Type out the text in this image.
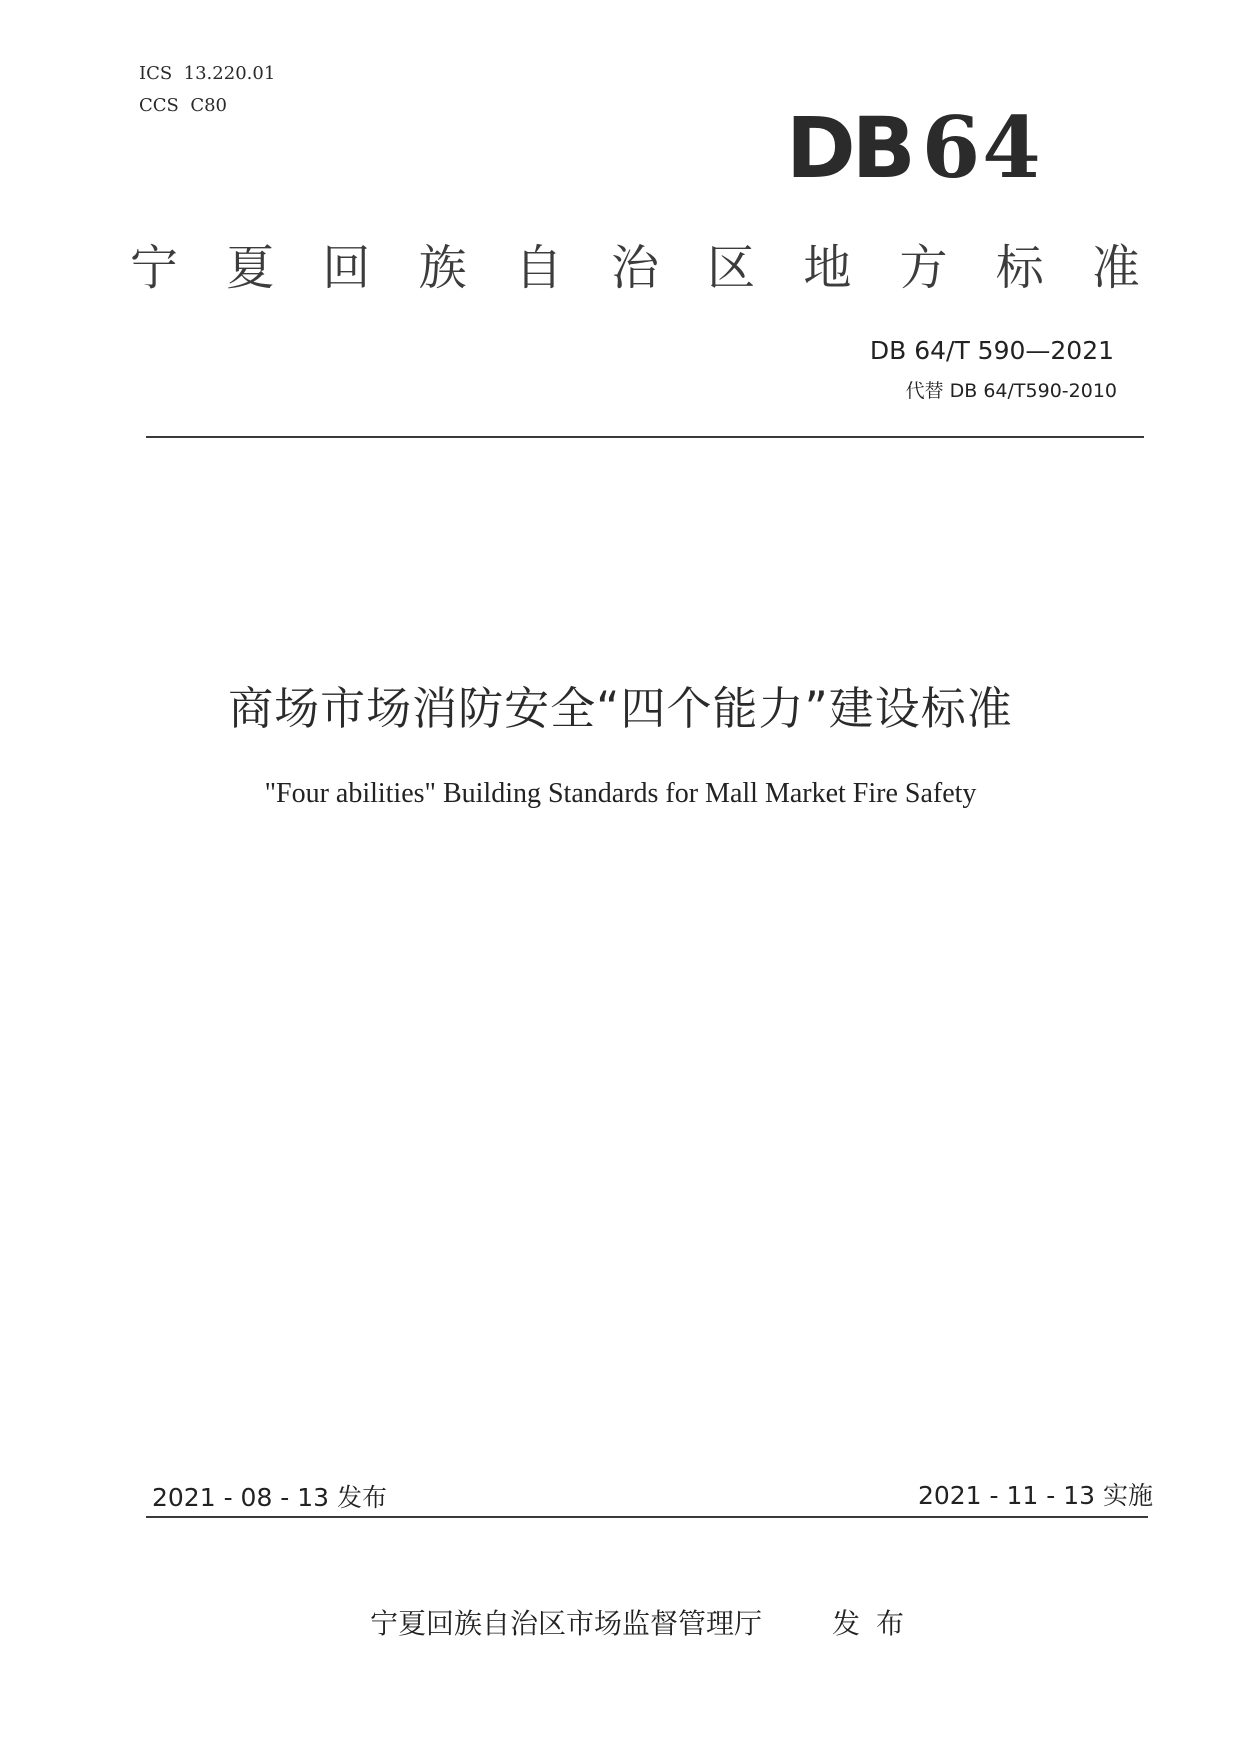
ICS  13.220.01
CCS  C80	DB 64
宁 夏 回 族 自 治 区 地 方 标 准
DB 64/T 590—2021
代替 DB 64/T590-2010
商场市场消防安全“四个能力”建设标准
"Four abilities" Building Standards for Mall Market Fire Safety
2021 - 08 - 13 发布	2021 - 11 - 13 实施
宁夏回族自治区市场监督管理厅 发布
